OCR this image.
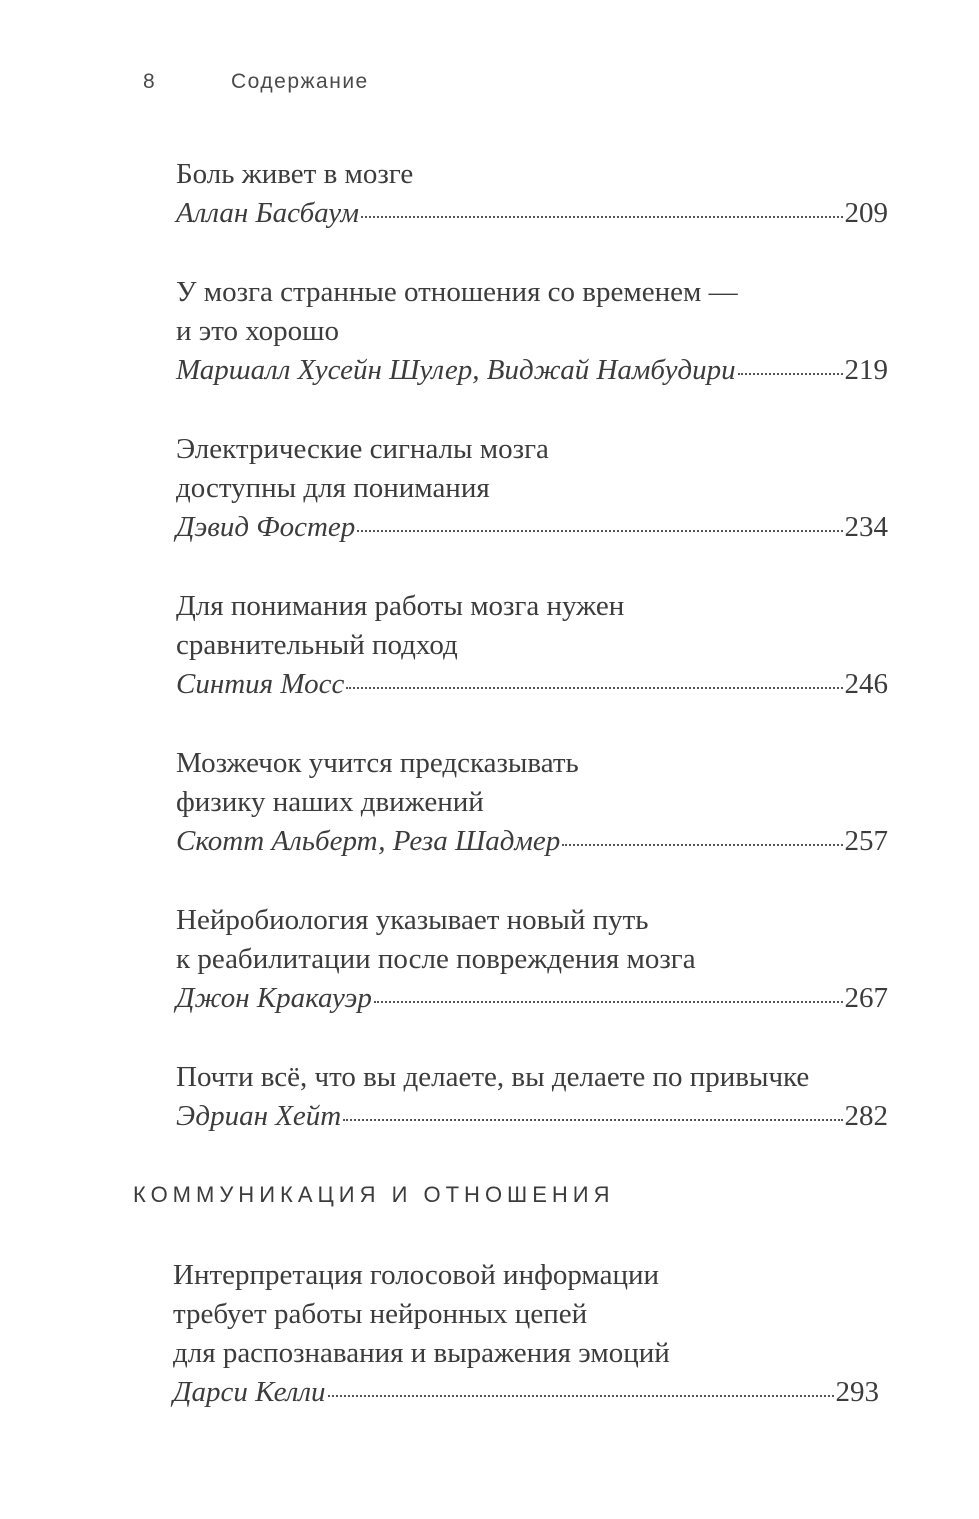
8	Содержание
Боль живет в мозге
Аллан Басбаум	209
У мозга странные отношения со временем —
и это хорошо
Маршалл Хусейн Шулер, Виджай Намбудири	219
Электрические сигналы мозга
доступны для понимания
Дэвид Фостер	234
Для понимания работы мозга нужен
сравнительный подход
Синтия Мосс	246
Мозжечок учится предсказывать
физику наших движений
Скотт Альберт, Реза Шадмер	257
Нейробиология указывает новый путь
к реабилитации после повреждения мозга
Джон Кракауэр	267
Почти всё, что вы делаете, вы делаете по привычке
Эдриан Хейт	282
КОММУНИКАЦИЯ И ОТНОШЕНИЯ
Интерпретация голосовой информации
требует работы нейронных цепей
для распознавания и выражения эмоций
Дарси Келли	293
